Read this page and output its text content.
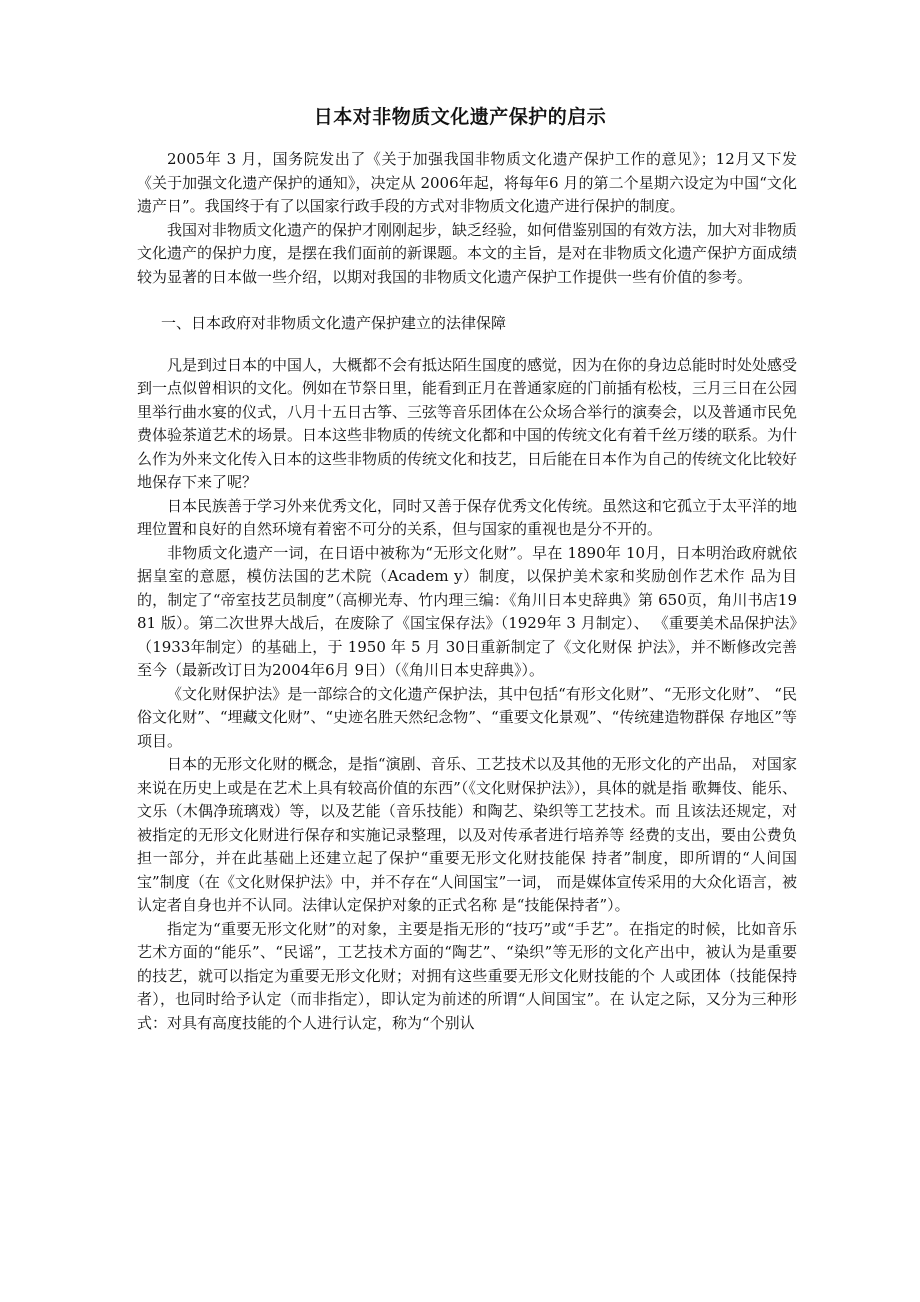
日本对非物质文化遗产保护的启示

2005年 3 月，国务院发出了《关于加强我国非物质文化遗产保护工作的意见》；12月又下发《关于加强文化遗产保护的通知》，决定从 2006年起，将每年6 月的第二个星期六设定为中国“文化遗产日”。我国终于有了以国家行政手段的方式对非物质文化遗产进行保护的制度。

我国对非物质文化遗产的保护才刚刚起步，缺乏经验，如何借鉴别国的有效方法，加大对非物质文化遗产的保护力度，是摆在我们面前的新课题。本文的主旨，是对在非物质文化遗产保护方面成绩较为显著的日本做一些介绍，以期对我国的非物质文化遗产保护工作提供一些有价值的参考。

一、日本政府对非物质文化遗产保护建立的法律保障

凡是到过日本的中国人，大概都不会有抵达陌生国度的感觉，因为在你的身边总能时时处处感受到一点似曾相识的文化。例如在节祭日里，能看到正月在普通家庭的门前插有松枝，三月三日在公园里举行曲水宴的仪式，八月十五日古筝、三弦等音乐团体在公众场合举行的演奏会，以及普通市民免费体验茶道艺术的场景。日本这些非物质的传统文化都和中国的传统文化有着千丝万缕的联系。为什么作为外来文化传入日本的这些非物质的传统文化和技艺，日后能在日本作为自己的传统文化比较好地保存下来了呢？

日本民族善于学习外来优秀文化，同时又善于保存优秀文化传统。虽然这和它孤立于太平洋的地理位置和良好的自然环境有着密不可分的关系，但与国家的重视也是分不开的。

非物质文化遗产一词，在日语中被称为“无形文化财”。早在 1890年 10月，日本明治政府就依据皇室的意愿，模仿法国的艺术院（Academ y）制度，以保护美术家和奖励创作艺术作 品为目的，制定了“帝室技艺员制度”（高柳光寿、竹内理三编：《角川日本史辞典》第 650页，角川书店1981 版）。第二次世界大战后，在废除了《国宝保存法》（1929年 3 月制定）、 《重要美术品保护法》（1933年制定）的基础上，于 1950 年 5 月 30日重新制定了《文化财保 护法》，并不断修改完善至今（最新改订日为2004年6月 9日）（《角川日本史辞典》）。

《文化财保护法》是一部综合的文化遗产保护法，其中包括“有形文化财”、“无形文化财”、 “民俗文化财”、“埋藏文化财”、“史迹名胜天然纪念物”、“重要文化景观”、“传统建造物群保 存地区”等项目。

日本的无形文化财的概念，是指“演剧、音乐、工艺技术以及其他的无形文化的产出品， 对国家来说在历史上或是在艺术上具有较高价值的东西”（《文化财保护法》），具体的就是指 歌舞伎、能乐、文乐（木偶净琉璃戏）等，以及艺能（音乐技能）和陶艺、染织等工艺技术。而 且该法还规定，对被指定的无形文化财进行保存和实施记录整理，以及对传承者进行培养等 经费的支出，要由公费负担一部分，并在此基础上还建立起了保护“重要无形文化财技能保 持者”制度，即所谓的“人间国宝”制度（在《文化财保护法》中，并不存在“人间国宝”一词， 而是媒体宣传采用的大众化语言，被认定者自身也并不认同。法律认定保护对象的正式名称 是“技能保持者”）。

指定为“重要无形文化财”的对象，主要是指无形的“技巧”或“手艺”。在指定的时候，比如音乐艺术方面的“能乐”、“民谣”，工艺技术方面的“陶艺”、“染织”等无形的文化产出中，被认为是重要的技艺，就可以指定为重要无形文化财；对拥有这些重要无形文化财技能的个 人或团体（技能保持者），也同时给予认定（而非指定），即认定为前述的所谓“人间国宝”。在 认定之际，又分为三种形式：对具有高度技能的个人进行认定，称为“个别认
